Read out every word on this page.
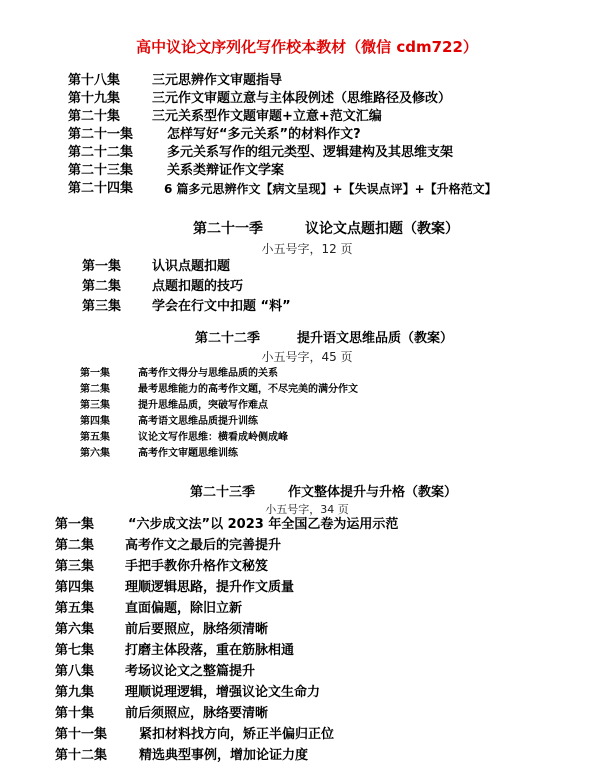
高中议论文序列化写作校本教材（微信 cdm722）
第十八集 三元思辨作文审题指导
第十九集 三元作文审题立意与主体段例述（思维路径及修改）
第二十集 三元关系型作文题审题+立意+范文汇编
第二十一集	怎样写好“多元关系”的材料作文?
第二十二集	多元关系写作的组元类型、逻辑建构及其思维支架
第二十三集	关系类辩证作文学案
第二十四集	6 篇多元思辨作文【病文呈现】+【失误点评】+【升格范文】
第二十一季	议论文点题扣题（教案）
小五号字，12 页
第一集 认识点题扣题
第二集 点题扣题的技巧
第三集 学会在行文中扣题 “料”
第二十二季	提升语文思维品质（教案）
小五号字，45 页
第一集	高考作文得分与思维品质的关系
第二集	最考思维能力的高考作文题，不尽完美的满分作文
第三集	提升思维品质，突破写作难点
第四集	高考语文思维品质提升训练
第五集	议论文写作思维：横看成岭侧成峰
第六集	高考作文审题思维训练
第二十三季	作文整体提升与升格（教案）
小五号字，34 页
第一集	“六步成文法”以 2023 年全国乙卷为运用示范
第二集 高考作文之最后的完善提升
第三集 手把手教你升格作文秘笈
第四集 理顺逻辑思路，提升作文质量
第五集 直面偏题，除旧立新
第六集 前后要照应，脉络须清晰
第七集 打磨主体段落，重在筋脉相通
第八集 考场议论文之整篇提升
第九集 理顺说理逻辑，增强议论文生命力
第十集 前后须照应，脉络要清晰
第十一集 紧扣材料找方向，矫正半偏归正位
第十二集 精选典型事例，增加论证力度
